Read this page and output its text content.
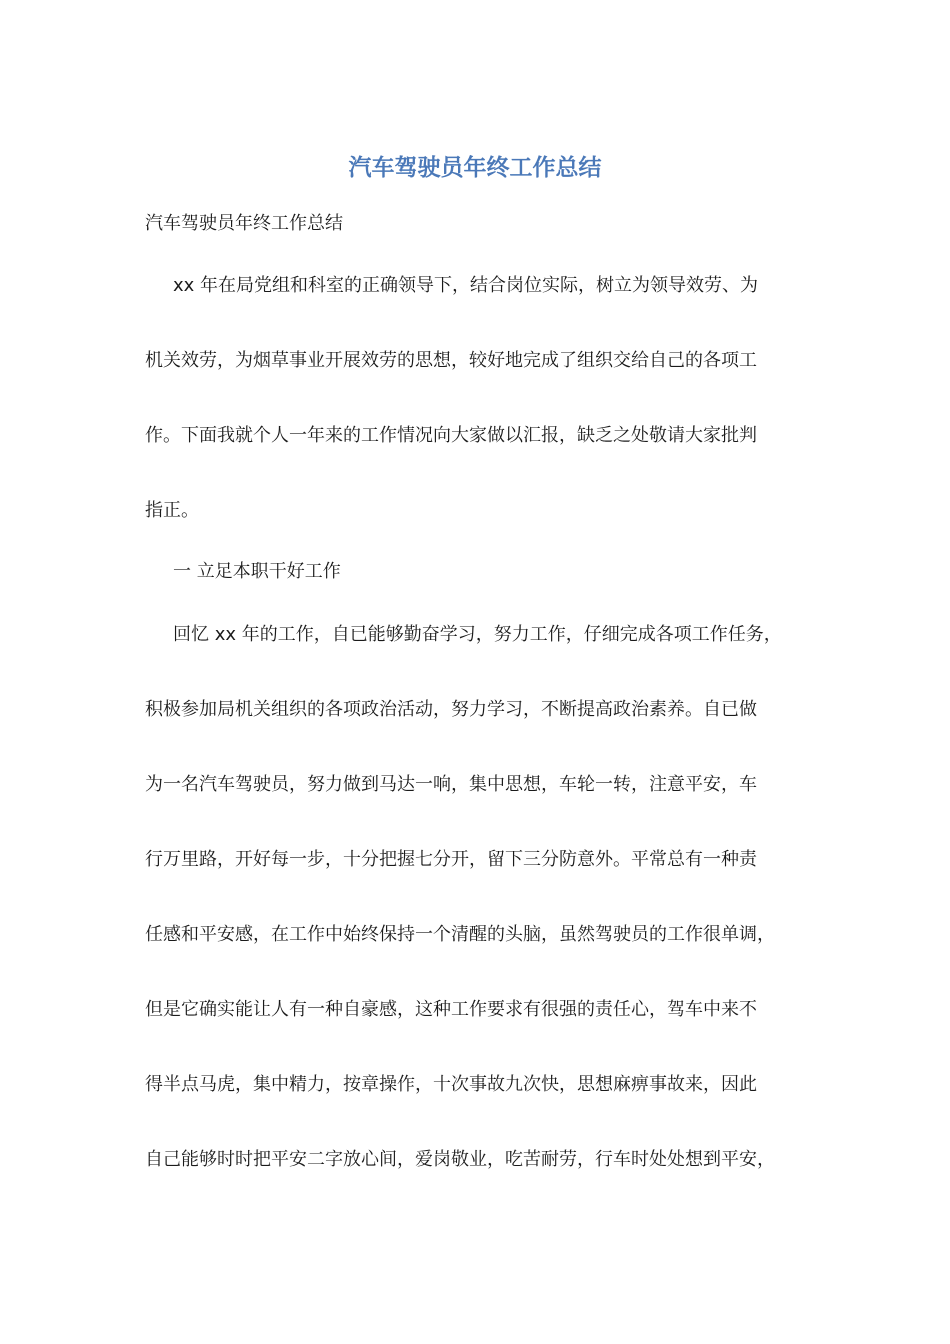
汽车驾驶员年终工作总结

汽车驾驶员年终工作总结

xx 年在局党组和科室的正确领导下，结合岗位实际，树立为领导效劳、为
机关效劳，为烟草事业开展效劳的思想，较好地完成了组织交给自己的各项工
作。下面我就个人一年来的工作情况向大家做以汇报，缺乏之处敬请大家批判
指正。

一 立足本职干好工作

回忆 xx 年的工作，自已能够勤奋学习，努力工作，仔细完成各项工作任务，
积极参加局机关组织的各项政治活动，努力学习，不断提高政治素养。自已做
为一名汽车驾驶员，努力做到马达一响，集中思想，车轮一转，注意平安，车
行万里路，开好每一步，十分把握七分开，留下三分防意外。平常总有一种责
任感和平安感，在工作中始终保持一个清醒的头脑，虽然驾驶员的工作很单调，
但是它确实能让人有一种自豪感，这种工作要求有很强的责任心，驾车中来不
得半点马虎，集中精力，按章操作，十次事故九次快，思想麻痹事故来，因此
自己能够时时把平安二字放心间，爱岗敬业，吃苦耐劳，行车时处处想到平安，
